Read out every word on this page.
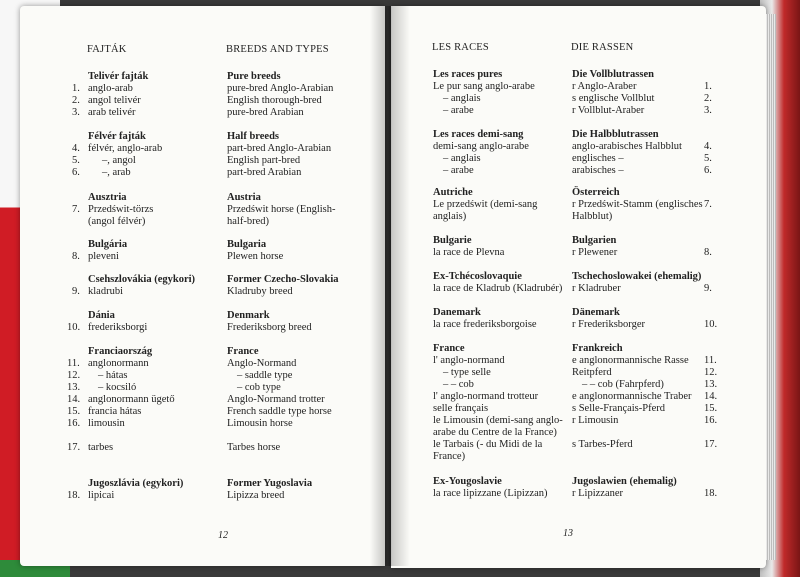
FAJTÁK	BREEDS AND TYPES
Telivér fajták
anglo-arab
angol telivér
arab telivér
Félvér fajták
félvér, anglo-arab
–, angol
–, arab
Ausztria
Przedświt-törzs
(angol félvér)
Bulgária
pleveni
Csehszlovákia (egykori)
kladrubi
Dánia
frederiksborgi
Franciaország
anglonormann
– hátas
– kocsiló
anglonormann ügető
francia hátas
limousin
tarbes
Jugoszlávia (egykori)
lipicai
1.
2.
3.
4.
5.
6.
7.
8.
9.
10.
11.
12.
13.
14.
15.
16.
17.
18.
Pure breeds
pure-bred Anglo-Arabian
English thorough-bred
pure-bred Arabian
Half breeds
part-bred Anglo-Arabian
English part-bred
part-bred Arabian
Austria
Przedświt horse (English-half-bred)
Bulgaria
Plewen horse
Former Czecho-Slovakia
Kladruby breed
Denmark
Frederiksborg breed
France
Anglo-Normand
– saddle type
– cob type
Anglo-Normand trotter
French saddle type horse
Limousin horse
Tarbes horse
Former Yugoslavia
Lipizza breed
12
LES RACES	DIE RASSEN
Les races pures
Le pur sang anglo-arabe
– anglais
– arabe
Les races demi-sang
demi-sang anglo-arabe
– anglais
– arabe
Autriche
Le przedświt (demi-sang anglais)
Bulgarie
la race de Plevna
Ex-Tchécoslovaquie
la race de Kladrub (Kladrubér)
Danemark
la race frederiksborgoise
France
l' anglo-normand
– type selle
– – cob
l' anglo-normand trotteur
selle français
le Limousin (demi-sang anglo-arabe du Centre de la France)
le Tarbais (- du Midi de la France)
Ex-Yougoslavie
la race lipizzane (Lipizzan)
Die Vollblutrassen
r Anglo-Araber
s englische Vollblut
r Vollblut-Araber
Die Halbblutrassen
anglo-arabisches Halbblut
englisches –
arabisches –
Österreich
r Przedświt-Stamm (englisches Halbblut)
Bulgarien
r Plewener
Tschechoslowakei (ehemalig)
r Kladruber
Dänemark
r Frederiksborger
Frankreich
e anglonormannische Rasse
Reitpferd
– – cob (Fahrpferd)
e anglonormannische Traber
s Selle-Français-Pferd
r Limousin
s Tarbes-Pferd
Jugoslawien (ehemalig)
r Lipizzaner
1.
2.
3.
4.
5.
6.
7.
8.
9.
10.
11.
12.
13.
14.
15.
16.
17.
18.
13
